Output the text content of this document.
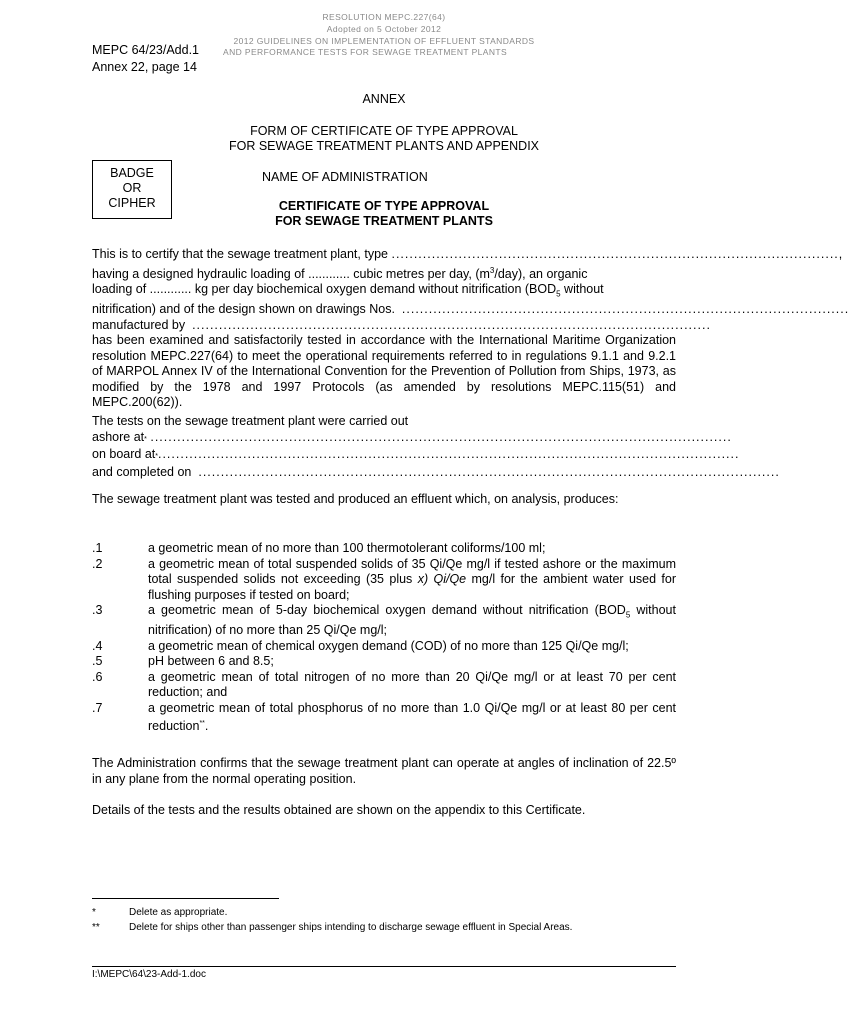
RESOLUTION MEPC.227(64)
Adopted on 5 October 2012
2012 GUIDELINES ON IMPLEMENTATION OF EFFLUENT STANDARDS
AND PERFORMANCE TESTS FOR SEWAGE TREATMENT PLANTS
MEPC 64/23/Add.1
Annex 22, page 14
ANNEX
FORM OF CERTIFICATE OF TYPE APPROVAL
FOR SEWAGE TREATMENT PLANTS AND APPENDIX
BADGE
OR
CIPHER
NAME OF ADMINISTRATION
CERTIFICATE OF TYPE APPROVAL
FOR SEWAGE TREATMENT PLANTS
This is to certify that the sewage treatment plant, type
.................................................................................................... ,
having a designed hydraulic loading of ............ cubic metres per day, $(m^3/day)$, an organic
loading of ............ kg per day biochemical oxygen demand without nitrification ($BOD_5$ without
nitrification) and of the design shown on drawings Nos.
....................................................................................................
manufactured by
....................................................................................................................
has been examined and satisfactorily tested in accordance with the International Maritime Organization resolution MEPC.227(64) to meet the operational requirements referred to in regulations 9.1.1 and 9.2.1 of MARPOL Annex IV of the International Convention for the Prevention of Pollution from Ships, 1973, as modified by the 1978 and 1997 Protocols (as amended by resolutions MEPC.115(51) and MEPC.200(62)).
The tests on the sewage treatment plant were carried out
ashore at *
..................................................................................................................................
on board at * ..................................................................................................................................
and completed on
..................................................................................................................................
The sewage treatment plant was tested and produced an effluent which, on analysis, produces:
.1	a geometric mean of no more than 100 thermotolerant coliforms/100 ml;
.2	a geometric mean of total suspended solids of 35 Qi/Qe mg/l if tested ashore or the maximum total suspended solids not exceeding (35 plus x) Qi/Qe mg/l for the ambient water used for flushing purposes if tested on board;
.3	a geometric mean of 5-day biochemical oxygen demand without nitrification ($BOD_5$ without nitrification) of no more than 25 Qi/Qe mg/l;
.4	a geometric mean of chemical oxygen demand (COD) of no more than 125 Qi/Qe mg/l;
.5	pH between 6 and 8.5;
.6	a geometric mean of total nitrogen of no more than 20 Qi/Qe mg/l or at least 70 per cent reduction; and
.7	a geometric mean of total phosphorus of no more than 1.0 Qi/Qe mg/l or at least 80 per cent reduction**.
The Administration confirms that the sewage treatment plant can operate at angles of inclination of 22.5º in any plane from the normal operating position.
Details of the tests and the results obtained are shown on the appendix to this Certificate.
*	Delete as appropriate.
**	Delete for ships other than passenger ships intending to discharge sewage effluent in Special Areas.
I:\MEPC\64\23-Add-1.doc
